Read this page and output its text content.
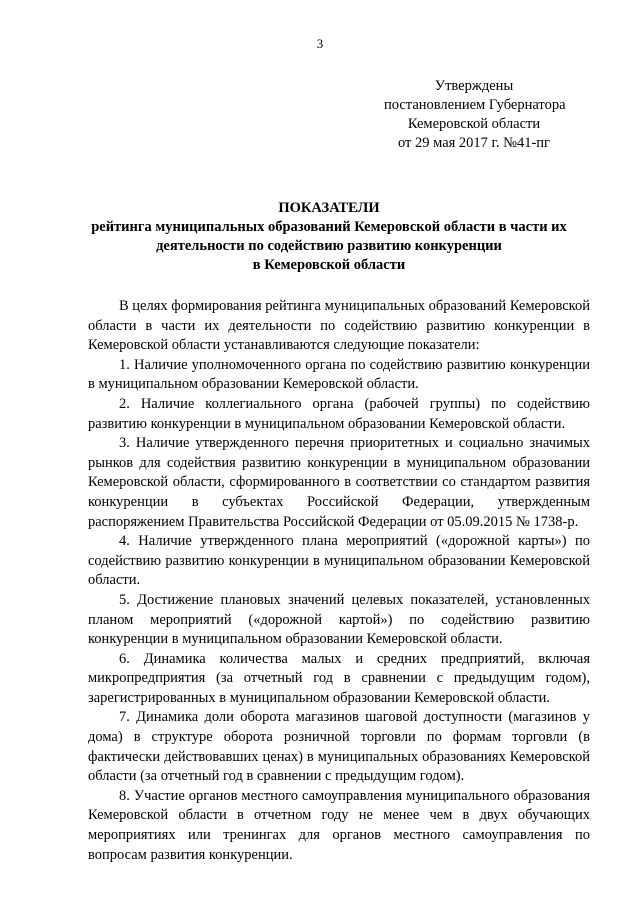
3
Утверждены
постановлением Губернатора
Кемеровской области
от 29 мая 2017 г. №41-пг
ПОКАЗАТЕЛИ
рейтинга муниципальных образований Кемеровской области в части их
деятельности по содействию развитию конкуренции
в Кемеровской области

В целях формирования рейтинга муниципальных образований Кемеровской области в части их деятельности по содействию развитию конкуренции в Кемеровской области устанавливаются следующие показатели:

1. Наличие уполномоченного органа по содействию развитию конкуренции в муниципальном образовании Кемеровской области.

2. Наличие коллегиального органа (рабочей группы) по содействию развитию конкуренции в муниципальном образовании Кемеровской области.

3. Наличие утвержденного перечня приоритетных и социально значимых рынков для содействия развитию конкуренции в муниципальном образовании Кемеровской области, сформированного в соответствии со стандартом развития конкуренции в субъектах Российской Федерации, утвержденным распоряжением Правительства Российской Федерации от 05.09.2015 № 1738-р.

4. Наличие утвержденного плана мероприятий («дорожной карты») по содействию развитию конкуренции в муниципальном образовании Кемеровской области.

5. Достижение плановых значений целевых показателей, установленных планом мероприятий («дорожной картой») по содействию развитию конкуренции в муниципальном образовании Кемеровской области.

6. Динамика количества малых и средних предприятий, включая микропредприятия (за отчетный год в сравнении с предыдущим годом), зарегистрированных в муниципальном образовании Кемеровской области.

7. Динамика доли оборота магазинов шаговой доступности (магазинов у дома) в структуре оборота розничной торговли по формам торговли (в фактически действовавших ценах) в муниципальных образованиях Кемеровской области (за отчетный год в сравнении с предыдущим годом).

8. Участие органов местного самоуправления муниципального образования Кемеровской области в отчетном году не менее чем в двух обучающих мероприятиях или тренингах для органов местного самоуправления по вопросам развития конкуренции.
